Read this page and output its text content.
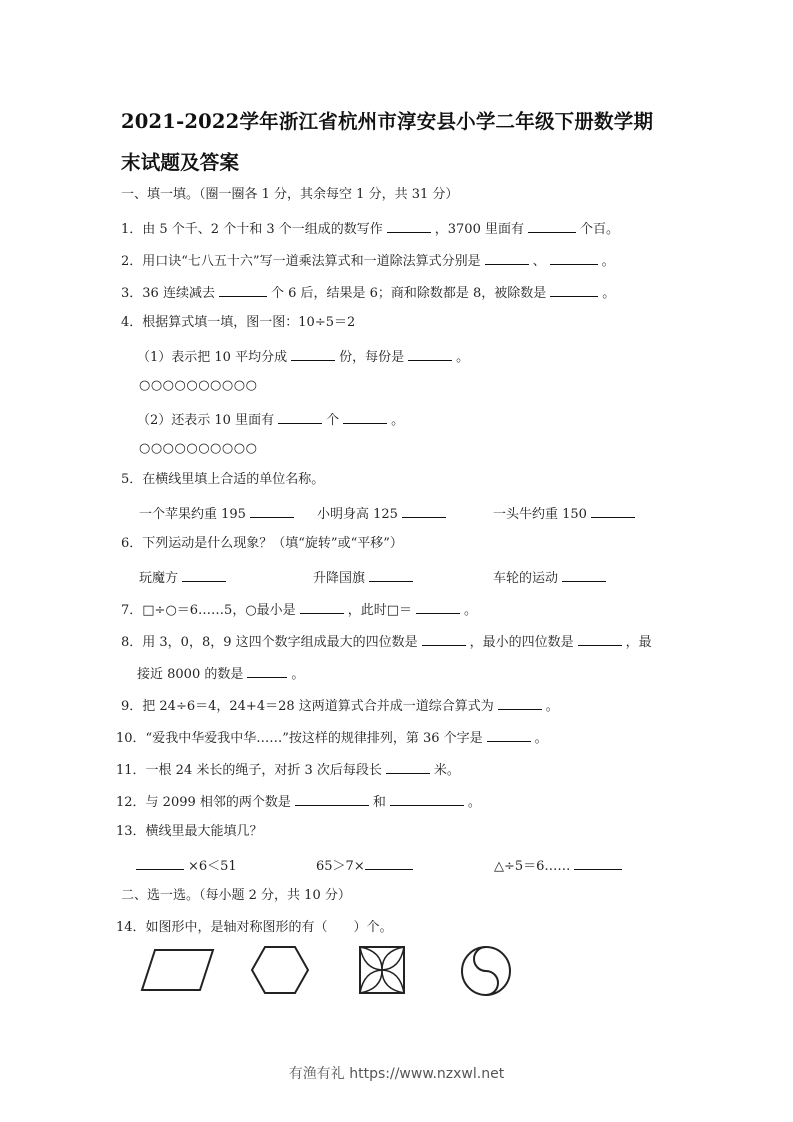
2021-2022学年浙江省杭州市淳安县小学二年级下册数学期
末试题及答案
一、填一填。（圈一圈各 1 分，其余每空 1 分，共 31 分）
1．由 5 个千、2 个十和 3 个一组成的数写作	，3700 里面有	个百。
2．用口诀“七八五十六”写一道乘法算式和一道除法算式分别是	、	。
3．36 连续减去	个 6 后，结果是 6；商和除数都是 8，被除数是	。
4．根据算式填一填，图一图：10÷5＝2
（1）表示把 10 平均分成	份，每份是	。
○○○○○○○○○○
（2）还表示 10 里面有	个	。
○○○○○○○○○○
5．在横线里填上合适的单位名称。
一个苹果约重 195	小明身高 125	一头牛约重 150
6．下列运动是什么现象？（填“旋转”或“平移”）
玩魔方	升降国旗	车轮的运动
7．□÷○＝6……5，○最小是	，此时□＝	。
8．用 3，0，8，9 这四个数字组成最大的四位数是	，最小的四位数是	，最
接近 8000 的数是	。
9．把 24÷6＝4，24+4＝28 这两道算式合并成一道综合算式为	。
10．“爱我中华爱我中华……”按这样的规律排列，第 36 个字是	。
11．一根 24 米长的绳子，对折 3 次后每段长	米。
12．与 2099 相邻的两个数是	和	。
13．横线里最大能填几？
×6＜51	65＞7×	△÷5＝6……
二、选一选。（每小题 2 分，共 10 分）
14．如图形中，是轴对称图形的有（　　）个。
有渔有礼 https://www.nzxwl.net
